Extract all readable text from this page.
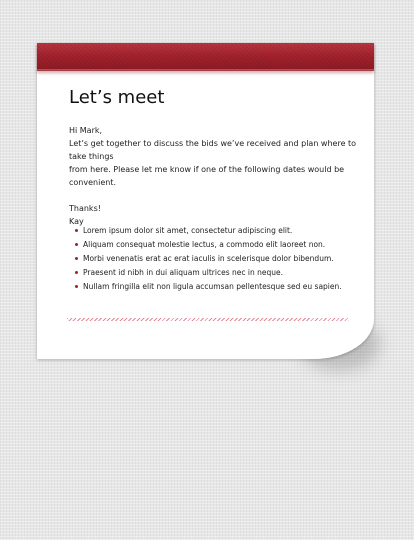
Let’s meet

Hi Mark,

Let’s get together to discuss the bids we’ve received and plan where to take things

from here. Please let me know if one of the following dates would be convenient.

Thanks!

Kay

Lorem ipsum dolor sit amet, consectetur adipiscing elit.
Aliquam consequat molestie lectus, a commodo elit laoreet non.
Morbi venenatis erat ac erat iaculis in scelerisque dolor bibendum.
Praesent id nibh in dui aliquam ultrices nec in neque.
Nullam fringilla elit non ligula accumsan pellentesque sed eu sapien.
